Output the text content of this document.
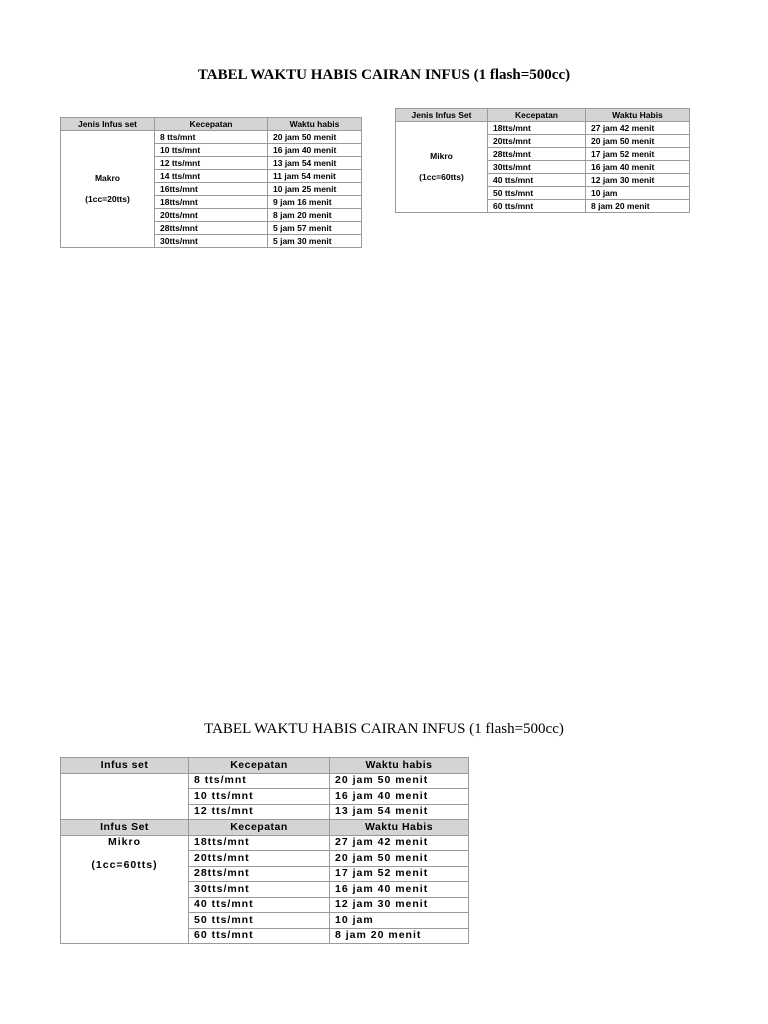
TABEL WAKTU HABIS CAIRAN INFUS (1 flash=500cc)
Jenis Infus set	Kecepatan	Waktu habis

Makro
(1cc=20tts)	8 tts/mnt	20 jam 50 menit
	10 tts/mnt	16 jam 40 menit
	12 tts/mnt	13 jam 54 menit
	14 tts/mnt	11 jam 54 menit
	16tts/mnt	10 jam 25 menit
	18tts/mnt	9 jam 16 menit
	20tts/mnt	8 jam 20 menit
	28tts/mnt	5 jam 57 menit
	30tts/mnt	5 jam 30 menit
Jenis Infus Set	Kecepatan	Waktu Habis

Mikro
(1cc=60tts)	18tts/mnt	27 jam 42 menit
	20tts/mnt	20 jam 50 menit
	28tts/mnt	17 jam 52 menit
	30tts/mnt	16 jam 40 menit
	40 tts/mnt	12 jam 30 menit
	50 tts/mnt	10 jam
	60 tts/mnt	8 jam 20 menit
TABEL WAKTU HABIS CAIRAN INFUS (1 flash=500cc)
Infus set	Kecepatan	Waktu habis
	8 tts/mnt	20 jam 50 menit
	10 tts/mnt	16 jam 40 menit
	12 tts/mnt	13 jam 54 menit
Infus Set	Kecepatan	Waktu Habis

Mikro
(1cc=60tts)	18tts/mnt	27 jam 42 menit
	20tts/mnt	20 jam 50 menit
	28tts/mnt	17 jam 52 menit
	30tts/mnt	16 jam 40 menit
	40 tts/mnt	12 jam 30 menit
	50 tts/mnt	10 jam
	60 tts/mnt	8 jam 20 menit
